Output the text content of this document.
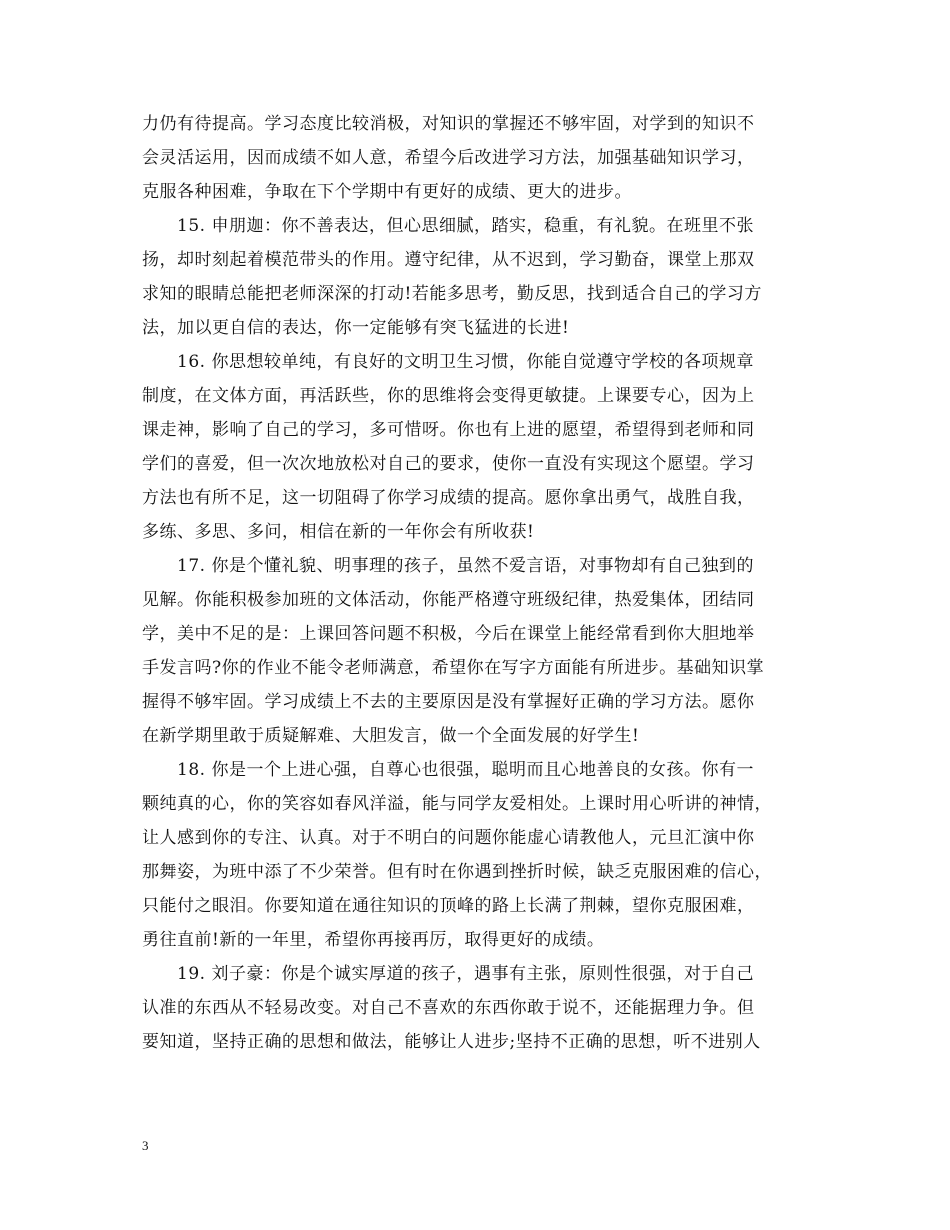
力仍有待提高。学习态度比较消极，对知识的掌握还不够牢固，对学到的知识不
会灵活运用，因而成绩不如人意，希望今后改进学习方法，加强基础知识学习，
克服各种困难，争取在下个学期中有更好的成绩、更大的进步。
　　15. 申朋迦：你不善表达，但心思细腻，踏实，稳重，有礼貌。在班里不张
扬，却时刻起着模范带头的作用。遵守纪律，从不迟到，学习勤奋，课堂上那双
求知的眼睛总能把老师深深的打动!若能多思考，勤反思，找到适合自己的学习方
法，加以更自信的表达，你一定能够有突飞猛进的长进!
　　16. 你思想较单纯，有良好的文明卫生习惯，你能自觉遵守学校的各项规章
制度，在文体方面，再活跃些，你的思维将会变得更敏捷。上课要专心，因为上
课走神，影响了自己的学习，多可惜呀。你也有上进的愿望，希望得到老师和同
学们的喜爱，但一次次地放松对自己的要求，使你一直没有实现这个愿望。学习
方法也有所不足，这一切阻碍了你学习成绩的提高。愿你拿出勇气，战胜自我，
多练、多思、多问，相信在新的一年你会有所收获!
　　17. 你是个懂礼貌、明事理的孩子，虽然不爱言语，对事物却有自己独到的
见解。你能积极参加班的文体活动，你能严格遵守班级纪律，热爱集体，团结同
学，美中不足的是：上课回答问题不积极，今后在课堂上能经常看到你大胆地举
手发言吗?你的作业不能令老师满意，希望你在写字方面能有所进步。基础知识掌
握得不够牢固。学习成绩上不去的主要原因是没有掌握好正确的学习方法。愿你
在新学期里敢于质疑解难、大胆发言，做一个全面发展的好学生!
　　18. 你是一个上进心强，自尊心也很强，聪明而且心地善良的女孩。你有一
颗纯真的心，你的笑容如春风洋溢，能与同学友爱相处。上课时用心听讲的神情，
让人感到你的专注、认真。对于不明白的问题你能虚心请教他人，元旦汇演中你
那舞姿，为班中添了不少荣誉。但有时在你遇到挫折时候，缺乏克服困难的信心，
只能付之眼泪。你要知道在通往知识的顶峰的路上长满了荆棘，望你克服困难，
勇往直前!新的一年里，希望你再接再厉，取得更好的成绩。
　　19. 刘子豪：你是个诚实厚道的孩子，遇事有主张，原则性很强，对于自己
认准的东西从不轻易改变。对自己不喜欢的东西你敢于说不，还能据理力争。但
要知道，坚持正确的思想和做法，能够让人进步;坚持不正确的思想，听不进别人
3
